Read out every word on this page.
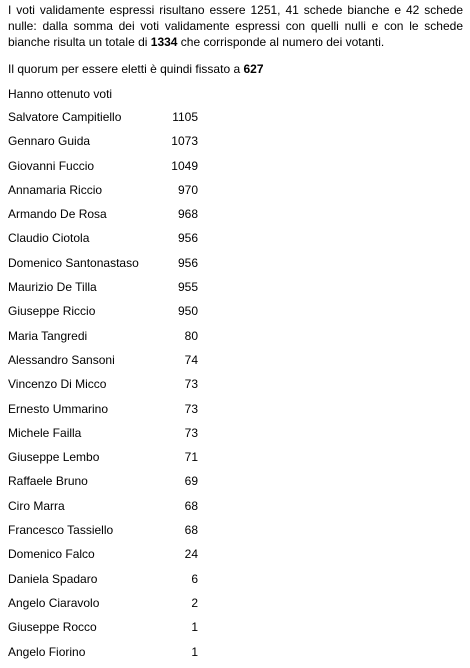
I voti validamente espressi risultano essere 1251, 41 schede bianche e 42 schede nulle: dalla somma dei voti validamente espressi con quelli nulli e con le schede bianche risulta un totale di 1334 che corrisponde al numero dei votanti.

Il quorum per essere eletti è quindi fissato a 627

Hanno ottenuto voti

Salvatore Campitiello	1105
Gennaro Guida	1073
Giovanni Fuccio	1049
Annamaria Riccio	970
Armando De Rosa	968
Claudio Ciotola	956
Domenico Santonastaso	956
Maurizio De Tilla	955
Giuseppe Riccio	950
Maria Tangredi	80
Alessandro Sansoni	74
Vincenzo Di Micco	73
Ernesto Ummarino	73
Michele Failla	73
Giuseppe Lembo	71
Raffaele Bruno	69
Ciro Marra	68
Francesco Tassiello	68
Domenico Falco	24
Daniela Spadaro	6
Angelo Ciaravolo	2
Giuseppe Rocco	1
Angelo Fiorino	1
